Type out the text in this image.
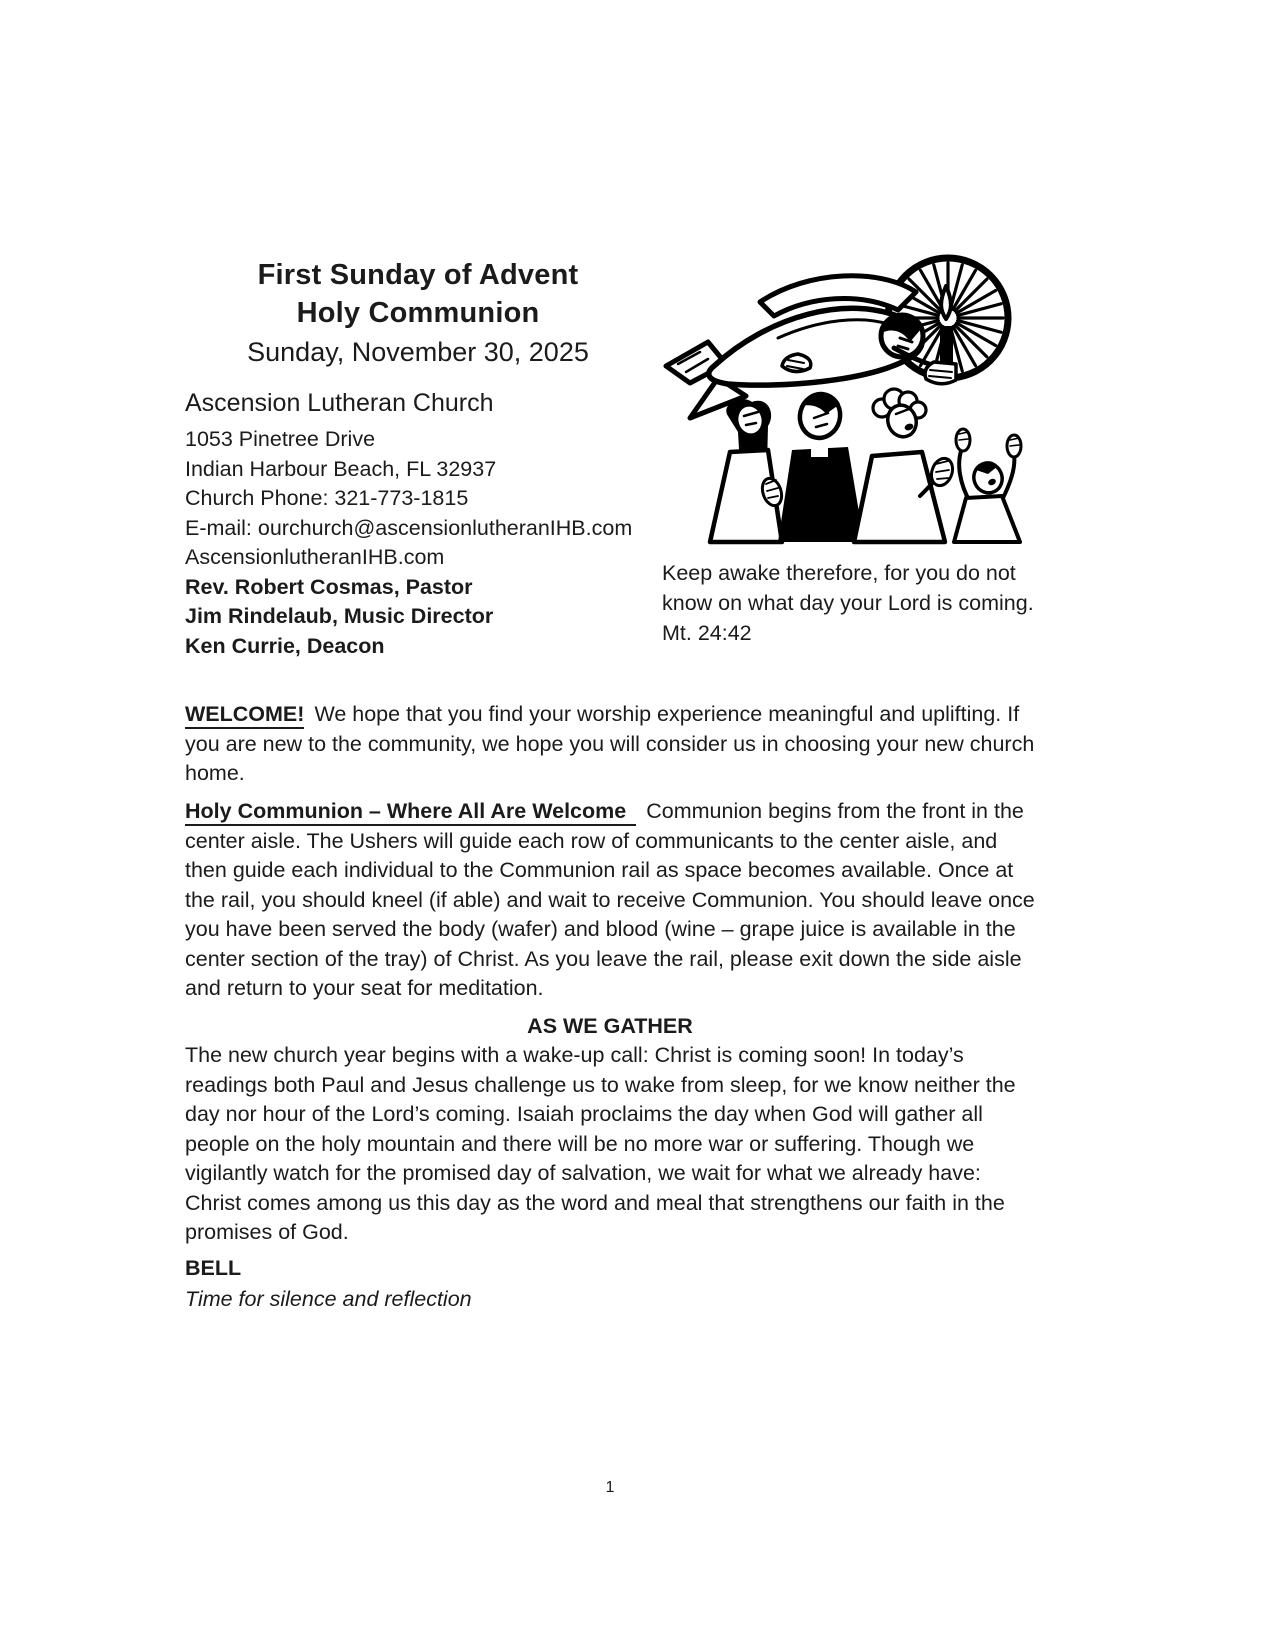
First Sunday of Advent
Holy Communion
Sunday, November 30, 2025
Ascension Lutheran Church
1053 Pinetree Drive
Indian Harbour Beach, FL 32937
Church Phone: 321-773-1815
E-mail: ourchurch@ascensionlutheranIHB.com
AscensionlutheranIHB.com
Rev. Robert Cosmas, Pastor
Jim Rindelaub, Music Director
Ken Currie, Deacon
Keep awake therefore, for you do not know on what day your Lord is coming. Mt. 24:42
WELCOME! We hope that you find your worship experience meaningful and uplifting. If you are new to the community, we hope you will consider us in choosing your new church home.
Holy Communion – Where All Are Welcome Communion begins from the front in the center aisle. The Ushers will guide each row of communicants to the center aisle, and then guide each individual to the Communion rail as space becomes available. Once at the rail, you should kneel (if able) and wait to receive Communion. You should leave once you have been served the body (wafer) and blood (wine – grape juice is available in the center section of the tray) of Christ. As you leave the rail, please exit down the side aisle and return to your seat for meditation.
AS WE GATHER
The new church year begins with a wake-up call: Christ is coming soon! In today’s readings both Paul and Jesus challenge us to wake from sleep, for we know neither the day nor hour of the Lord’s coming. Isaiah proclaims the day when God will gather all people on the holy mountain and there will be no more war or suffering. Though we vigilantly watch for the promised day of salvation, we wait for what we already have: Christ comes among us this day as the word and meal that strengthens our faith in the promises of God.
BELL
Time for silence and reflection
1
